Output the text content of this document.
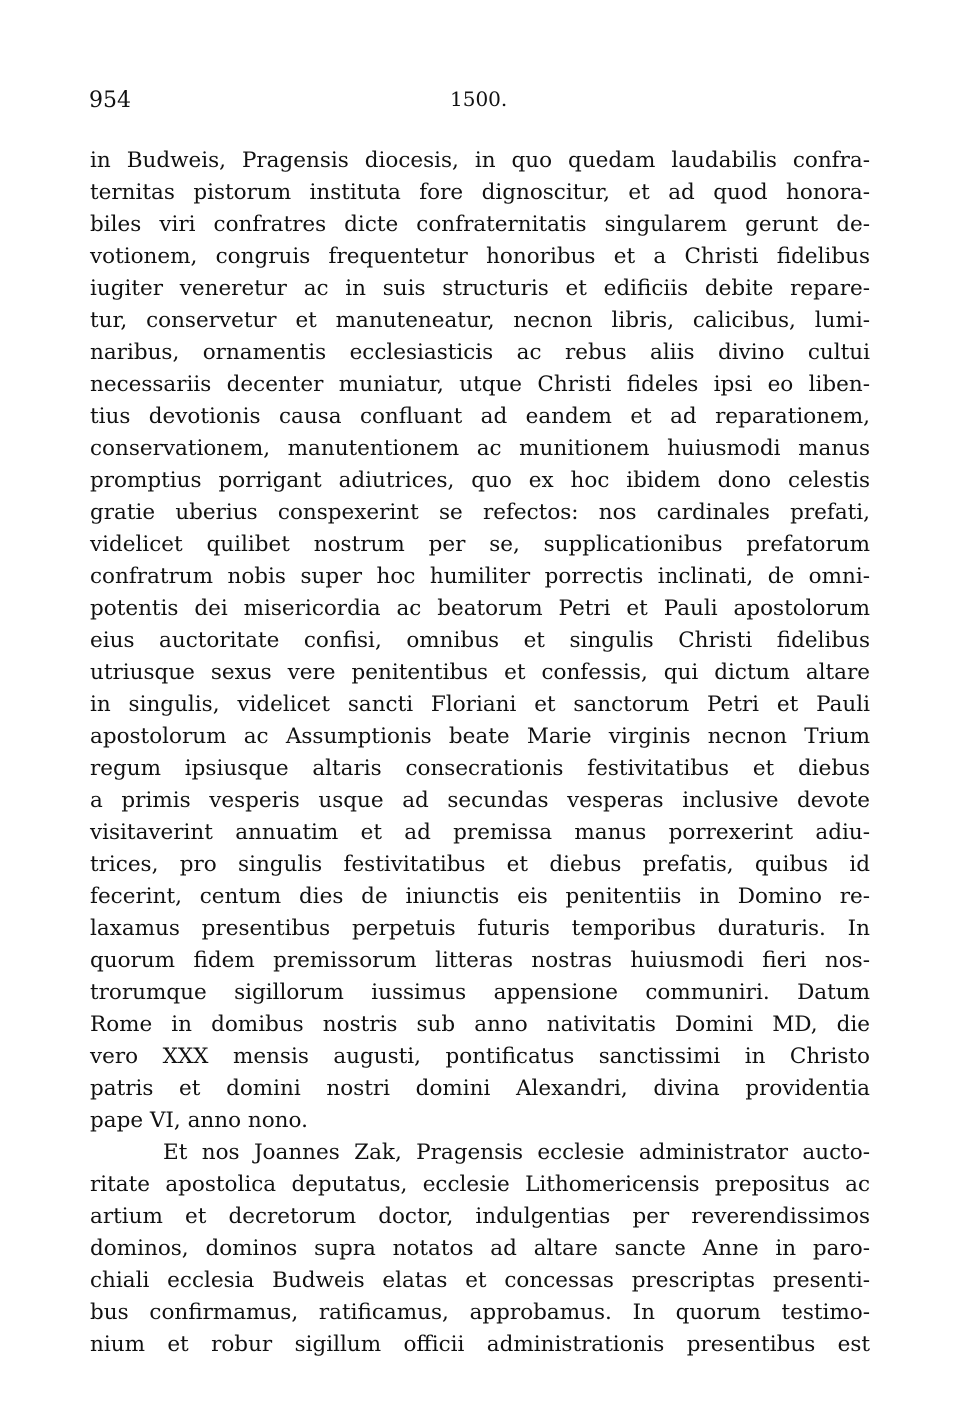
954	1500.
in Budweis, Pragensis diocesis, in quo quedam laudabilis confra-
ternitas pistorum instituta fore dignoscitur, et ad quod honora-
biles viri confratres dicte confraternitatis singularem gerunt de-
votionem, congruis frequentetur honoribus et a Christi fidelibus
iugiter veneretur ac in suis structuris et edificiis debite repare-
tur, conservetur et manuteneatur, necnon libris, calicibus, lumi-
naribus, ornamentis ecclesiasticis ac rebus aliis divino cultui
necessariis decenter muniatur, utque Christi fideles ipsi eo liben-
tius devotionis causa confluant ad eandem et ad reparationem,
conservationem, manutentionem ac munitionem huiusmodi manus
promptius porrigant adiutrices, quo ex hoc ibidem dono celestis
gratie uberius conspexerint se refectos: nos cardinales prefati,
videlicet quilibet nostrum per se, supplicationibus prefatorum
confratrum nobis super hoc humiliter porrectis inclinati, de omni-
potentis dei misericordia ac beatorum Petri et Pauli apostolorum
eius auctoritate confisi, omnibus et singulis Christi fidelibus
utriusque sexus vere penitentibus et confessis, qui dictum altare
in singulis, videlicet sancti Floriani et sanctorum Petri et Pauli
apostolorum ac Assumptionis beate Marie virginis necnon Trium
regum ipsiusque altaris consecrationis festivitatibus et diebus
a primis vesperis usque ad secundas vesperas inclusive devote
visitaverint annuatim et ad premissa manus porrexerint adiu-
trices, pro singulis festivitatibus et diebus prefatis, quibus id
fecerint, centum dies de iniunctis eis penitentiis in Domino re-
laxamus presentibus perpetuis futuris temporibus duraturis. In
quorum fidem premissorum litteras nostras huiusmodi fieri nos-
trorumque sigillorum iussimus appensione communiri. Datum
Rome in domibus nostris sub anno nativitatis Domini MD, die
vero XXX mensis augusti, pontificatus sanctissimi in Christo
patris et domini nostri domini Alexandri, divina providentia
pape VI, anno nono.
Et nos Joannes Zak, Pragensis ecclesie administrator aucto-
ritate apostolica deputatus, ecclesie Lithomericensis prepositus ac
artium et decretorum doctor, indulgentias per reverendissimos
dominos, dominos supra notatos ad altare sancte Anne in paro-
chiali ecclesia Budweis elatas et concessas prescriptas presenti-
bus confirmamus, ratificamus, approbamus. In quorum testimo-
nium et robur sigillum officii administrationis presentibus est
